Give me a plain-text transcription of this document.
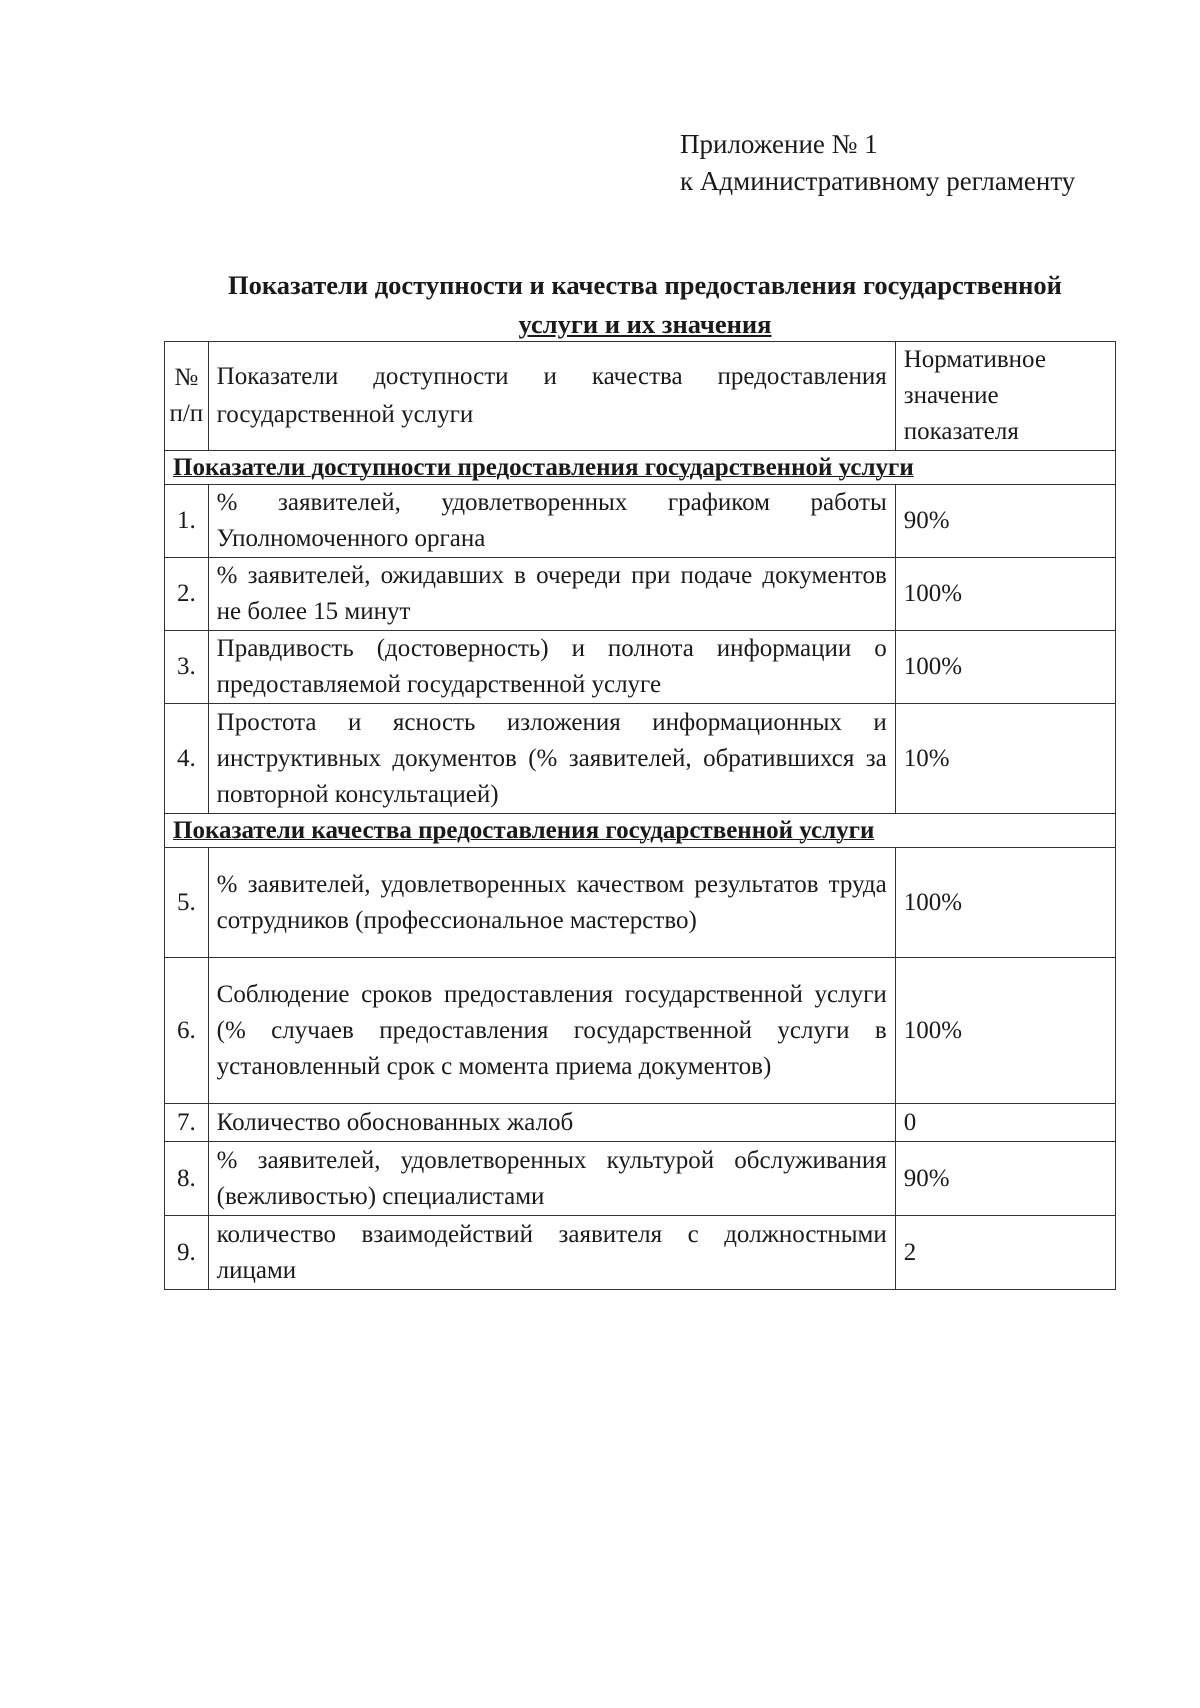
Приложение № 1
к Административному регламенту
Показатели доступности и качества предоставления государственной
услуги и их значения
№ п/п	Показатели доступности и качества предоставления государственной услуги	Нормативное значение показателя
Показатели доступности предоставления государственной услуги		
1.	% заявителей, удовлетворенных графиком работы Уполномоченного органа	90%
2.	% заявителей, ожидавших в очереди при подаче документов не более 15 минут	100%
3.	Правдивость (достоверность) и полнота информации о предоставляемой государственной услуге	100%
4.	Простота и ясность изложения информационных и инструктивных документов (% заявителей, обратившихся за повторной консультацией)	10%
Показатели качества предоставления государственной услуги		
5.	% заявителей, удовлетворенных качеством результатов труда сотрудников (профессиональное мастерство)	100%
6.	Соблюдение сроков предоставления государственной услуги (% случаев предоставления государственной услуги в установленный срок с момента приема документов)	100%
7.	Количество обоснованных жалоб	0
8.	% заявителей, удовлетворенных культурой обслуживания (вежливостью) специалистами	90%
9.	количество взаимодействий заявителя с должностными лицами	2
